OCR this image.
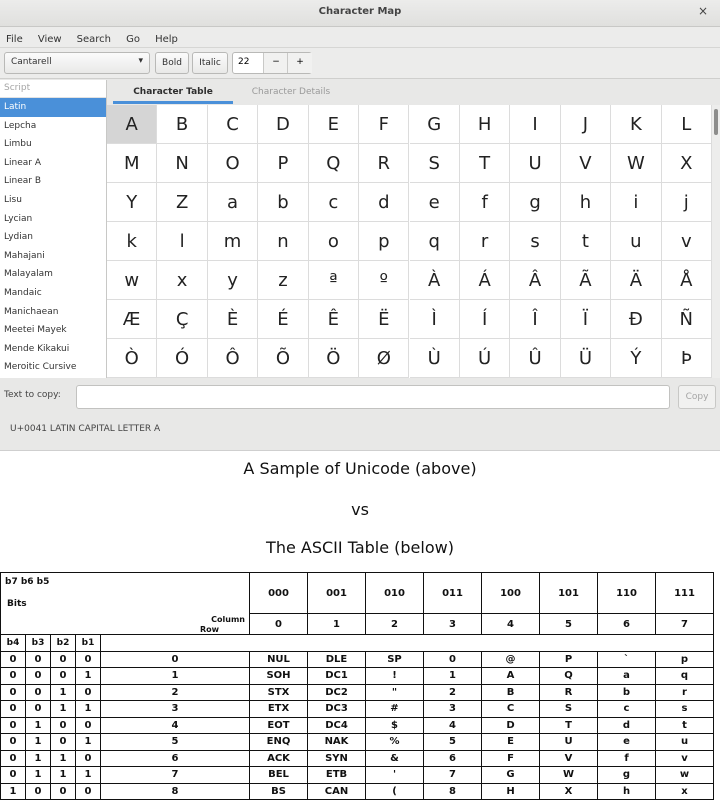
Character Map	×
File View Search Go Help
Cantarell	▾	Bold	Italic	22	−	+
Script
Latin
Lepcha
Limbu
Linear A
Linear B
Lisu
Lycian
Lydian
Mahajani
Malayalam
Mandaic
Manichaean
Meetei Mayek
Mende Kikakui
Meroitic Cursive
Character Table	Character Details
A	B	C	D	E	F	G	H	I	J	K	L
M	N	O	P	Q	R	S	T	U	V	W	X
Y	Z	a	b	c	d	e	f	g	h	i	j
k	l	m	n	o	p	q	r	s	t	u	v
w	x	y	z	ª	º	À	Á	Â	Ã	Ä	Å
Æ	Ç	È	É	Ê	Ë	Ì	Í	Î	Ï	Ð	Ñ
Ò	Ó	Ô	Õ	Ö	Ø	Ù	Ú	Û	Ü	Ý	Þ
Text to copy:	Copy
U+0041 LATIN CAPITAL LETTER A
A Sample of Unicode (above)
vs
The ASCII Table (below)
b7 b6 b5
Bits
Column
Row					000	001	010	011	100	101	110	111
					0	1	2	3	4	5	6	7
b4	b3	b2	b1									
0	0	0	0	0	NUL	DLE	SP	0	@	P	`	p
0	0	0	1	1	SOH	DC1	!	1	A	Q	a	q
0	0	1	0	2	STX	DC2	"	2	B	R	b	r
0	0	1	1	3	ETX	DC3	#	3	C	S	c	s
0	1	0	0	4	EOT	DC4	$	4	D	T	d	t
0	1	0	1	5	ENQ	NAK	%	5	E	U	e	u
0	1	1	0	6	ACK	SYN	&	6	F	V	f	v
0	1	1	1	7	BEL	ETB	'	7	G	W	g	w
1	0	0	0	8	BS	CAN	(	8	H	X	h	x
